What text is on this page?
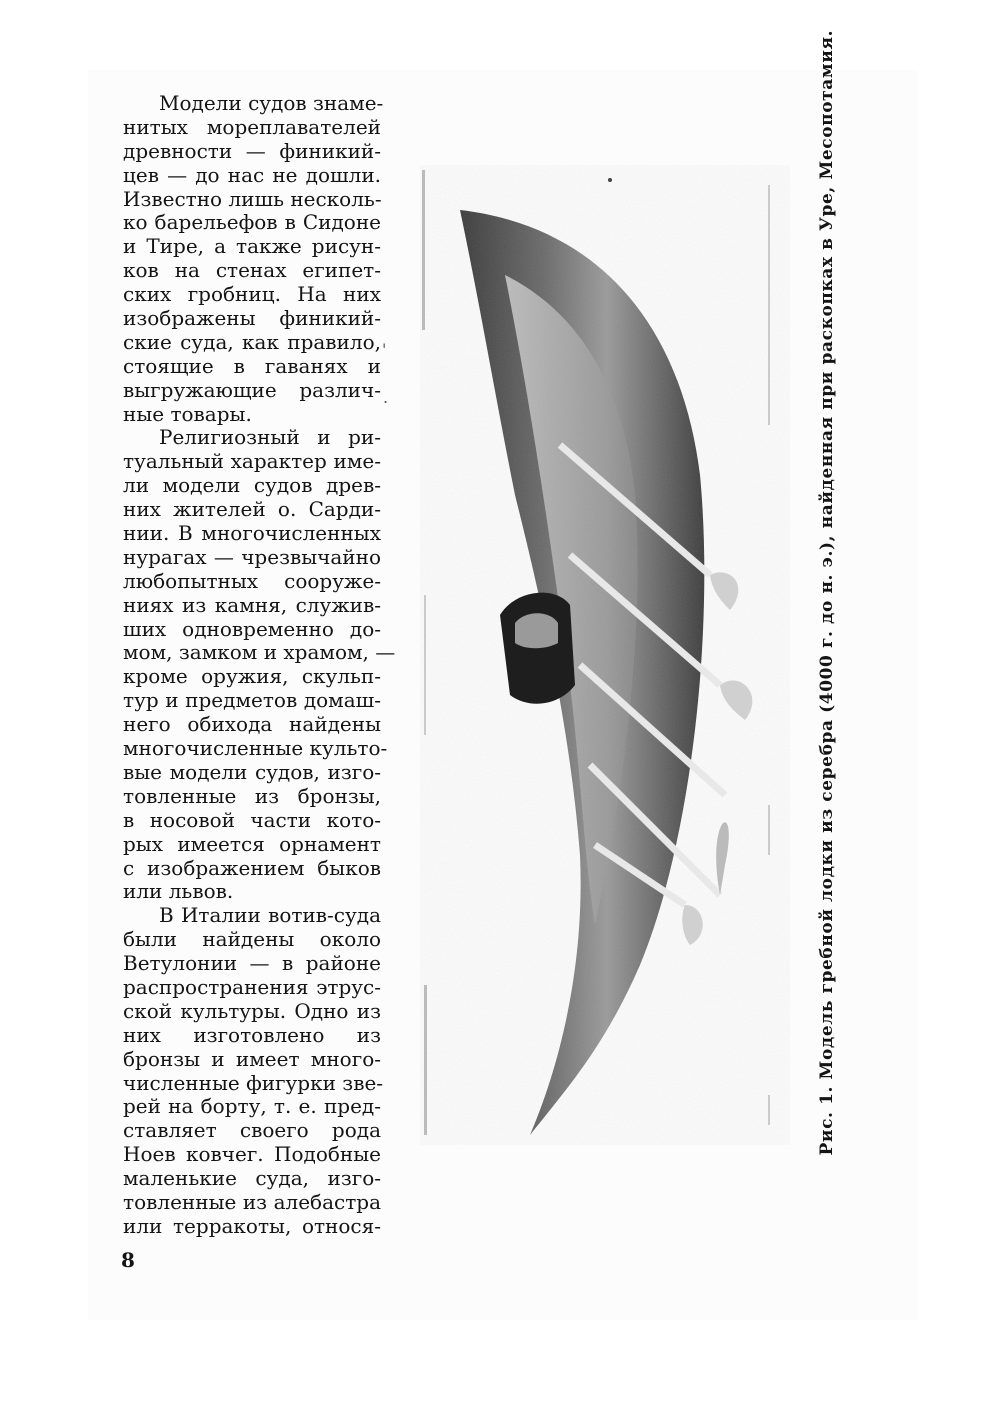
Модели судов знаме-
нитых мореплавателей
древности — финикий-
цев — до нас не дошли.
Известно лишь несколь-
ко барельефов в Сидоне
и Тире, а также рисун-
ков на стенах египет-
ских гробниц. На них
изображены финикий-
ские суда, как правило,
стоящие в гаванях и
выгружающие различ-
ные товары.
Религиозный и ри-
туальный характер име-
ли модели судов древ-
них жителей о. Сарди-
нии. В многочисленных
нурагах — чрезвычайно
любопытных сооруже-
ниях из камня, служив-
ших одновременно до-
мом, замком и храмом, —
кроме оружия, скульп-
тур и предметов домаш-
него обихода найдены
многочисленные культо-
вые модели судов, изго-
товленные из бронзы,
в носовой части кото-
рых имеется орнамент
с изображением быков
или львов.
В Италии вотив-суда
были найдены около
Ветулонии — в районе
распространения этрус-
ской культуры. Одно из
них изготовлено из
бронзы и имеет много-
численные фигурки зве-
рей на борту, т. е. пред-
ставляет своего рода
Ноев ковчег. Подобные
маленькие суда, изго-
товленные из алебастра
или терракоты, относя-
8
Рис. 1. Модель гребной лодки из серебра (4000 г. до н. э.), найденная при раскопках в Уре, Месопотамия.
'
.
